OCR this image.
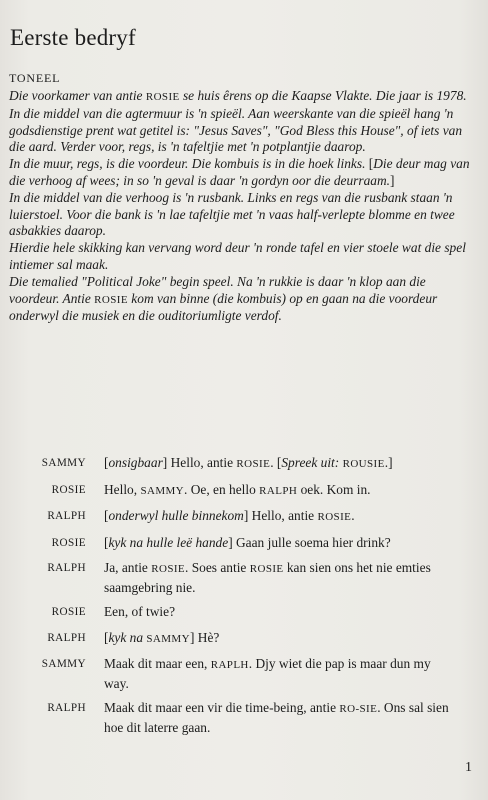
Eerste bedryf
TONEEL

Die voorkamer van antie ROSIE se huis êrens op die Kaapse Vlakte. Die jaar is 1978.

In die middel van die agtermuur is 'n spieël. Aan weerskante van die spieël hang 'n godsdienstige prent wat getitel is: "Jesus Saves", "God Bless this House", of iets van die aard. Verder voor, regs, is 'n tafeltjie met 'n potplantjie daarop.

In die muur, regs, is die voordeur. Die kombuis is in die hoek links. [Die deur mag van die verhoog af wees; in so 'n geval is daar 'n gordyn oor die deurraam.]

In die middel van die verhoog is 'n rusbank. Links en regs van die rusbank staan 'n luierstoel. Voor die bank is 'n lae tafeltjie met 'n vaas half-verlepte blomme en twee asbakkies daarop.

Hierdie hele skikking kan vervang word deur 'n ronde tafel en vier stoele wat die spel intiemer sal maak.

Die temalied "Political Joke" begin speel. Na 'n rukkie is daar 'n klop aan die voordeur. Antie ROSIE kom van binne (die kombuis) op en gaan na die voordeur onderwyl die musiek en die ouditoriumligte verdof.

SAMMY	[onsigbaar] Hello, antie ROSIE. [Spreek uit: ROUSIE.]
ROSIE	Hello, SAMMY. Oe, en hello RALPH oek. Kom in.
RALPH	[onderwyl hulle binnekom] Hello, antie ROSIE.
ROSIE	[kyk na hulle leë hande] Gaan julle soema hier drink?
RALPH	Ja, antie ROSIE. Soes antie ROSIE kan sien ons het nie emties saamgebring nie.
ROSIE	Een, of twie?
RALPH	[kyk na SAMMY] Hè?
SAMMY	Maak dit maar een, RAPLH. Djy wiet die pap is maar dun my way.
RALPH	Maak dit maar een vir die time-being, antie RO-SIE. Ons sal sien hoe dit laterre gaan.
1
